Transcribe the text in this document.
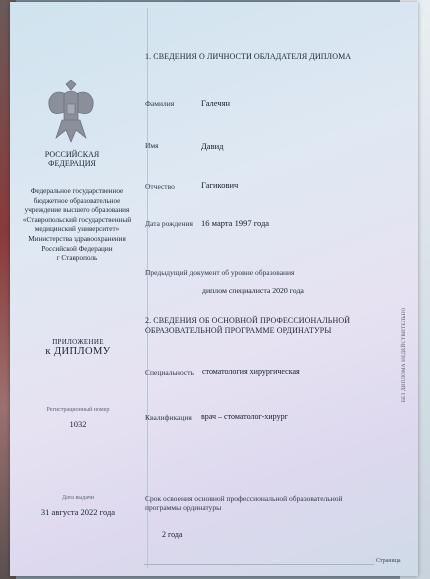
РОССИЙСКАЯ
ФЕДЕРАЦИЯ
Федеральное государственное
бюджетное образовательное
учреждение высшего образования
«Ставропольский государственный
медицинский университет»
Министерства здравоохранения
Российской Федерации
г Ставрополь
ПРИЛОЖЕНИЕ
к ДИПЛОМУ
Регистрационный номер
1032
Дата выдачи
31 августа 2022 года
1. СВЕДЕНИЯ О ЛИЧНОСТИ ОБЛАДАТЕЛЯ ДИПЛОМА
Фамилия	Галечян
Имя	Давид
Отчество	Гагикович
Дата рождения 16 марта 1997 года
Предыдущий документ об уровне образования
диплом специалиста 2020 года
2. СВЕДЕНИЯ ОБ ОСНОВНОЙ ПРОФЕССИОНАЛЬНОЙ
ОБРАЗОВАТЕЛЬНОЙ ПРОГРАММЕ ОРДИНАТУРЫ
Специальность стоматология хирургическая
Квалификация врач – стоматолог-хирург
Срок освоения основной профессиональной образовательной
программы ординатуры
2 года
Страница
БЕЗ ДИПЛОМА НЕДЕЙСТВИТЕЛЬНО
